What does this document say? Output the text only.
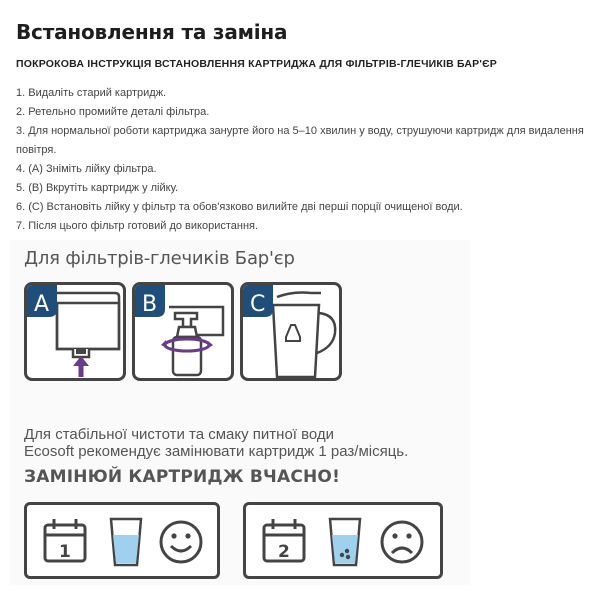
Встановлення та заміна
ПОКРОКОВА ІНСТРУКЦІЯ ВСТАНОВЛЕННЯ КАРТРИДЖА ДЛЯ ФІЛЬТРІВ-ГЛЕЧИКІВ БАР'ЄР
1. Видаліть старий картридж.
2. Ретельно промийте деталі фільтра.
3. Для нормальної роботи картриджа занурте його на 5–10 хвилин у воду, струшуючи картридж для видалення повітря.
4. (A) Зніміть лійку фільтра.
5. (B) Вкрутіть картридж у лійку.
6. (C) Встановіть лійку у фільтр та обов'язково вилийте дві перші порції очищеної води.
7. Після цього фільтр готовий до використання.
Для фільтрів-глечиків Бар'єр
A	B	C
Для стабільної чистоти та смаку питної води
Ecosoft рекомендує замінювати картридж 1 раз/місяць.
ЗАМІНЮЙ КАРТРИДЖ ВЧАСНО!
1	2
